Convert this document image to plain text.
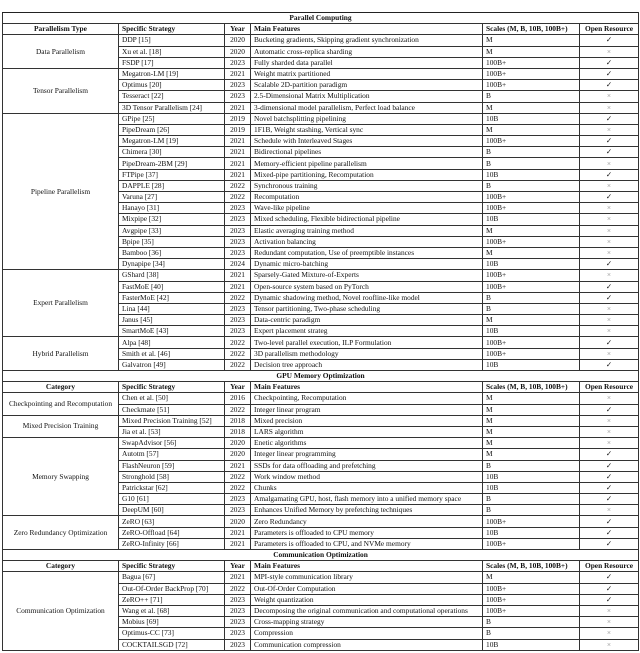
Parallel Computing					
Parallelism Type	Specific Strategy	Year	Main Features	Scales (M, B, 10B, 100B+)	Open Resource
Data Parallelism	DDP [15]	2020	Bucketing gradients, Skipping gradient synchronization	M	✓
	Xu et al. [18]	2020	Automatic cross-replica sharding	M	×
	FSDP [17]	2023	Fully sharded data parallel	100B+	✓
Tensor Parallelism	Megatron-LM [19]	2021	Weight matrix partitioned	100B+	✓
	Optimus [20]	2023	Scalable 2D-partition paradigm	100B+	✓
	Tesseract [22]	2023	2.5-Dimensional Matrix Multiplication	B	×
	3D Tensor Parallelism [24]	2021	3-dimensional model parallelism, Perfect load balance	M	×
Pipeline Parallelism	GPipe [25]	2019	Novel batchsplitting pipelining	10B	✓
	PipeDream [26]	2019	1F1B, Weight stashing, Vertical sync	M	×
	Megatron-LM [19]	2021	Schedule with Interleaved Stages	100B+	✓
	Chimera [30]	2021	Bidirectional pipelines	B	✓
	PipeDream-2BM [29]	2021	Memory-efficient pipeline parallelism	B	×
	FTPipe [37]	2021	Mixed-pipe partitioning, Recomputation	10B	✓
	DAPPLE [28]	2022	Synchronous training	B	×
	Varuna [27]	2022	Recomputation	100B+	✓
	Hanayo [31]	2023	Wave-like pipeline	100B+	×
	Mixpipe [32]	2023	Mixed scheduling, Flexible bidirectional pipeline	10B	×
	Avgpipe [33]	2023	Elastic averaging training method	M	×
	Bpipe [35]	2023	Activation balancing	100B+	×
	Bamboo [36]	2023	Redundant computation, Use of preemptible instances	M	×
	Dynapipe [34]	2024	Dynamic micro-batching	10B	✓
Expert Parallelism	GShard [38]	2021	Sparsely-Gated Mixture-of-Experts	100B+	×
	FastMoE [40]	2021	Open-source system based on PyTorch	100B+	✓
	FasterMoE [42]	2022	Dynamic shadowing method, Novel roofline-like model	B	✓
	Lina [44]	2023	Tensor partitioning, Two-phase scheduling	B	×
	Janus [45]	2023	Data-centric paradigm	M	×
	SmartMoE [43]	2023	Expert placement strateg	10B	×
Hybrid Parallelism	Alpa [48]	2022	Two-level parallel execution, ILP Formulation	100B+	✓
	Smith et al. [46]	2022	3D parallelism methodology	100B+	×
	Galvatron [49]	2022	Decision tree approach	10B	✓
GPU Memory Optimization					
Category	Specific Strategy	Year	Main Features	Scales (M, B, 10B, 100B+)	Open Resource
Checkpointing and Recomputation	Chen et al. [50]	2016	Checkpointing, Recomputation	M	×
	Checkmate [51]	2022	Integer linear program	M	✓
Mixed Precision Training	Mixed Precision Training [52]	2018	Mixed precision	M	×
	Jia et al. [53]	2018	LARS algorithm	M	×
Memory Swapping	SwapAdvisor [56]	2020	Enetic algorithms	M	×
	Autotm [57]	2020	Integer linear programming	M	✓
	FlashNeuron [59]	2021	SSDs for data offloading and prefetching	B	✓
	Stronghold [58]	2022	Work window method	10B	✓
	Patrickstar [62]	2022	Chunks	10B	✓
	G10 [61]	2023	Amalgamating GPU, host, flash memory into a unified memory space	B	✓
	DeepUM [60]	2023	Enhances Unified Memory by prefetching techniques	B	×
Zero Redundancy Optimization	ZeRO [63]	2020	Zero Redundancy	100B+	✓
	ZeRO-Offload [64]	2021	Parameters is offloaded to CPU memory	10B	✓
	ZeRO-Infinity [66]	2021	Parameters is offloaded to CPU, and NVMe memory	100B+	✓
Communication Optimization					
Category	Specific Strategy	Year	Main Features	Scales (M, B, 10B, 100B+)	Open Resource
Communication Optimization	Bagua [67]	2021	MPI-style communication library	M	✓
	Out-Of-Order BackProp [70]	2022	Out-Of-Order Computation	100B+	✓
	ZeRO++ [71]	2023	Weight quantization	100B+	✓
	Wang et al. [68]	2023	Decomposing the original communication and computational operations	100B+	×
	Mobius [69]	2023	Cross-mapping strategy	B	×
	Optimus-CC [73]	2023	Compression	B	×
	COCKTAILSGD [72]	2023	Communication compression	10B	×
